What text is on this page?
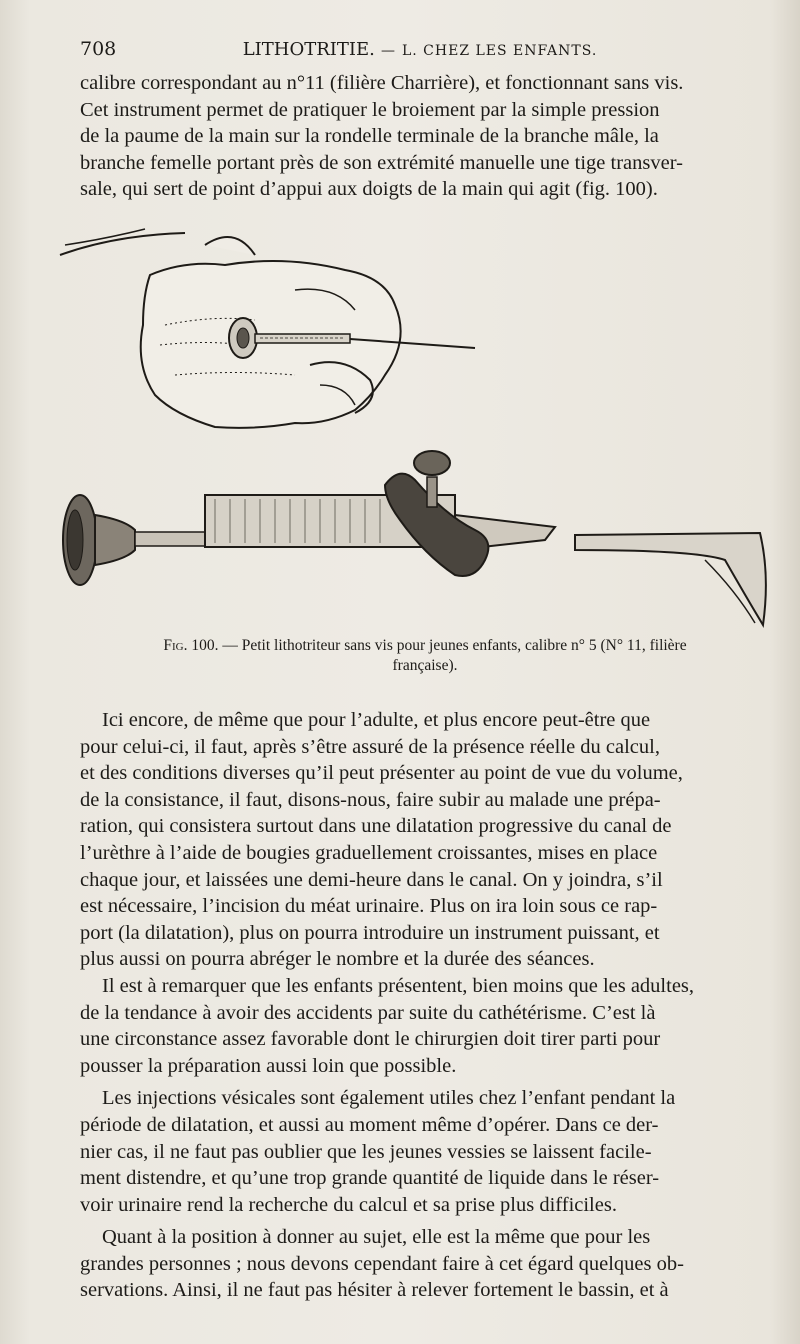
708	LITHOTRITIE. — L. CHEZ LES ENFANTS.

calibre correspondant au n°11 (filière Charrière), et fonctionnant sans vis.

Cet instrument permet de pratiquer le broiement par la simple pression

de la paume de la main sur la rondelle terminale de la branche mâle, la

branche femelle portant près de son extrémité manuelle une tige transver-

sale, qui sert de point d’appui aux doigts de la main qui agit (fig. 100).

Fig. 100. — Petit lithotriteur sans vis pour jeunes enfants, calibre n° 5 (N° 11, filière
française).

Ici encore, de même que pour l’adulte, et plus encore peut-être que

pour celui-ci, il faut, après s’être assuré de la présence réelle du calcul,

et des conditions diverses qu’il peut présenter au point de vue du volume,

de la consistance, il faut, disons-nous, faire subir au malade une prépa-

ration, qui consistera surtout dans une dilatation progressive du canal de

l’urèthre à l’aide de bougies graduellement croissantes, mises en place

chaque jour, et laissées une demi-heure dans le canal. On y joindra, s’il

est nécessaire, l’incision du méat urinaire. Plus on ira loin sous ce rap-

port (la dilatation), plus on pourra introduire un instrument puissant, et

plus aussi on pourra abréger le nombre et la durée des séances.

Il est à remarquer que les enfants présentent, bien moins que les adultes,

de la tendance à avoir des accidents par suite du cathétérisme. C’est là

une circonstance assez favorable dont le chirurgien doit tirer parti pour

pousser la préparation aussi loin que possible.

Les injections vésicales sont également utiles chez l’enfant pendant la

période de dilatation, et aussi au moment même d’opérer. Dans ce der-

nier cas, il ne faut pas oublier que les jeunes vessies se laissent facile-

ment distendre, et qu’une trop grande quantité de liquide dans le réser-

voir urinaire rend la recherche du calcul et sa prise plus difficiles.

Quant à la position à donner au sujet, elle est la même que pour les

grandes personnes ; nous devons cependant faire à cet égard quelques ob-

servations. Ainsi, il ne faut pas hésiter à relever fortement le bassin, et à
